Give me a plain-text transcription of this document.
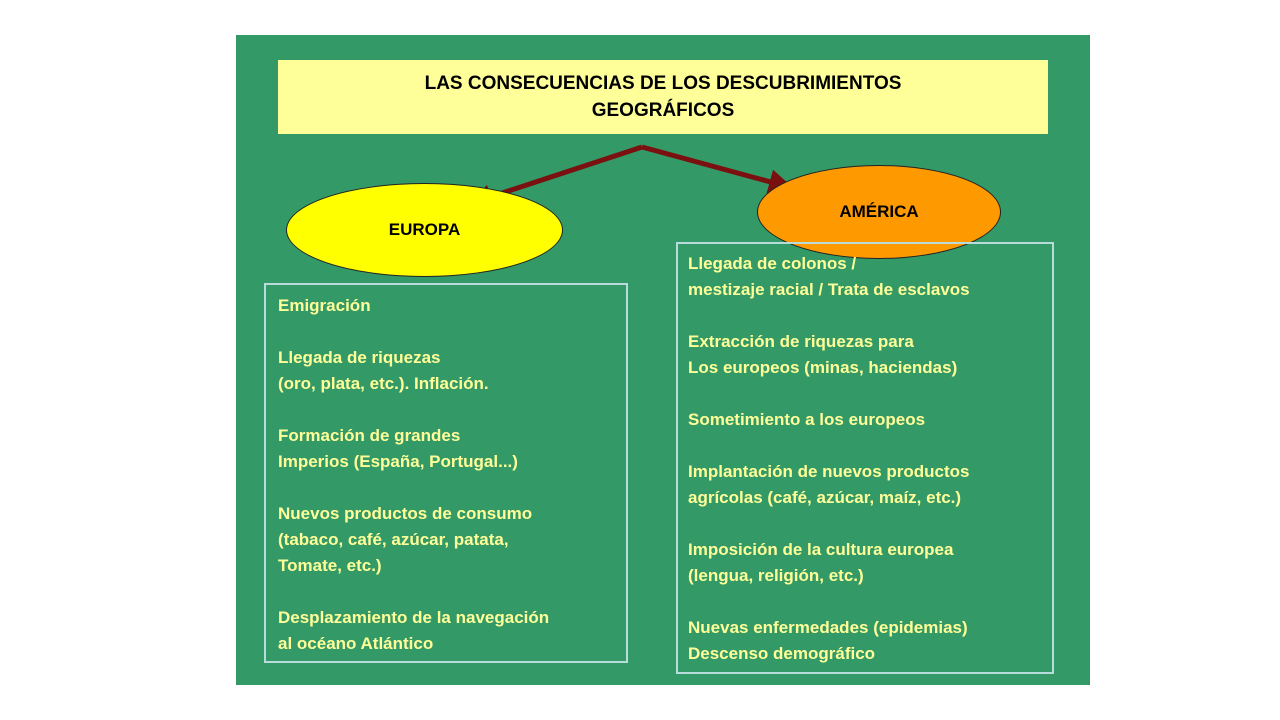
LAS CONSECUENCIAS DE LOS DESCUBRIMIENTOS
GEOGRÁFICOS
EUROPA
AMÉRICA
Emigración
Llegada de riquezas
(oro, plata, etc.). Inflación.
Formación de grandes
Imperios (España, Portugal...)
Nuevos productos de consumo
(tabaco, café, azúcar, patata,
Tomate, etc.)
Desplazamiento de la navegación
al océano Atlántico
Llegada de colonos /
mestizaje racial / Trata de esclavos
Extracción de riquezas para
Los europeos (minas, haciendas)
Sometimiento a los europeos
Implantación de nuevos productos
agrícolas (café, azúcar, maíz, etc.)
Imposición de la cultura europea
(lengua, religión, etc.)
Nuevas enfermedades (epidemias)
Descenso demográfico
